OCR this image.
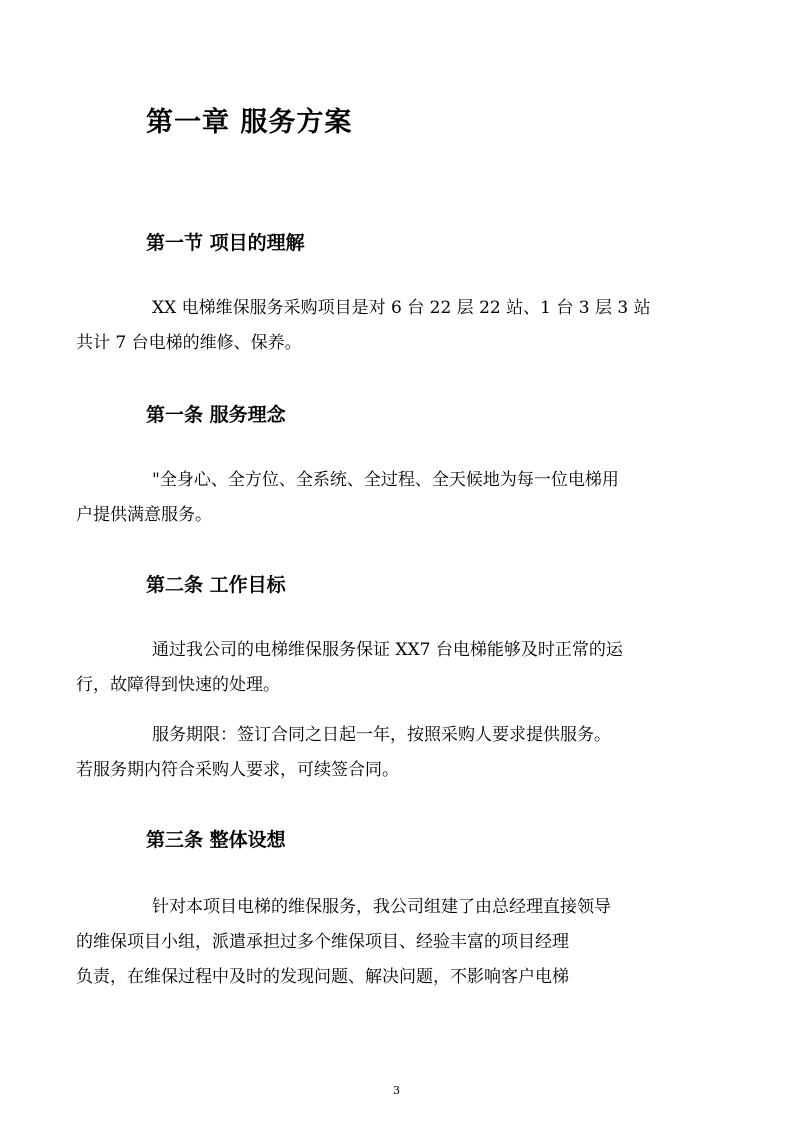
第一章 服务方案
第一节 项目的理解

XX 电梯维保服务采购项目是对 6 台 22 层 22 站、1 台 3 层 3 站
共计 7 台电梯的维修、保养。

第一条 服务理念

"全身心、全方位、全系统、全过程、全天候地为每一位电梯用
户提供满意服务。

第二条 工作目标

通过我公司的电梯维保服务保证 XX7 台电梯能够及时正常的运
行，故障得到快速的处理。

服务期限：签订合同之日起一年，按照采购人要求提供服务。
若服务期内符合采购人要求，可续签合同。

第三条 整体设想

针对本项目电梯的维保服务，我公司组建了由总经理直接领导
的维保项目小组，派遣承担过多个维保项目、经验丰富的项目经理
负责，在维保过程中及时的发现问题、解决问题，不影响客户电梯

3
